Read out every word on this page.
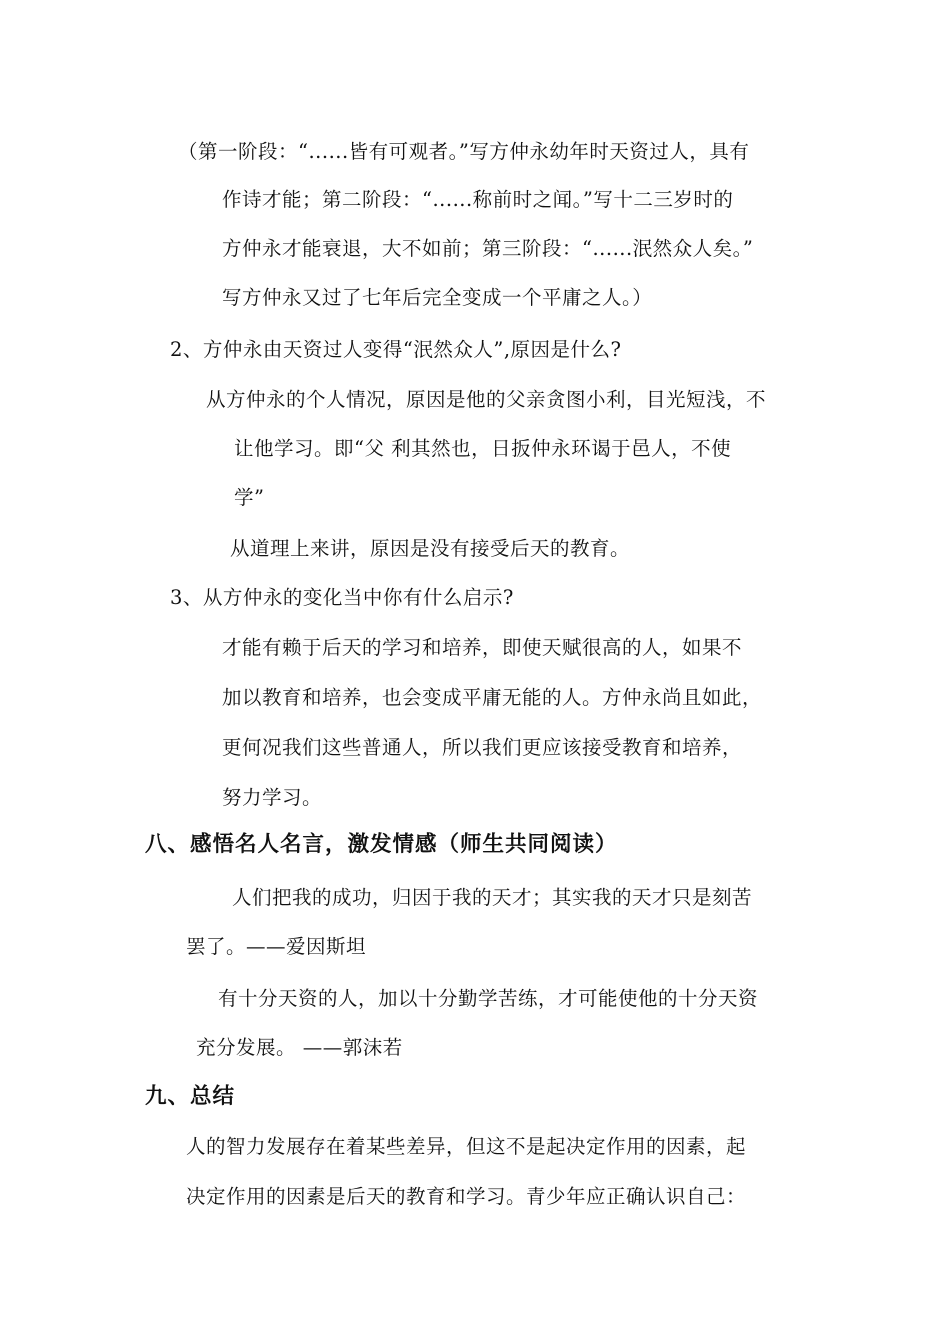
（第一阶段：“......皆有可观者。”写方仲永幼年时天资过人，具有
作诗才能；第二阶段：“......称前时之闻。”写十二三岁时的
方仲永才能衰退，大不如前；第三阶段：“......泯然众人矣。”
写方仲永又过了七年后完全变成一个平庸之人。）
2、方仲永由天资过人变得“泯然众人”,原因是什么?
从方仲永的个人情况，原因是他的父亲贪图小利，目光短浅，不
让他学习。即“父 利其然也，日扳仲永环谒于邑人，不使
学”
从道理上来讲，原因是没有接受后天的教育。
3、从方仲永的变化当中你有什么启示?
才能有赖于后天的学习和培养，即使天赋很高的人，如果不
加以教育和培养，也会变成平庸无能的人。方仲永尚且如此，
更何况我们这些普通人，所以我们更应该接受教育和培养，
努力学习。
八、感悟名人名言，激发情感（师生共同阅读）
人们把我的成功，归因于我的天才；其实我的天才只是刻苦
罢了。——爱因斯坦
有十分天资的人，加以十分勤学苦练，才可能使他的十分天资
充分发展。 ——郭沫若
九、总结
人的智力发展存在着某些差异，但这不是起决定作用的因素，起
决定作用的因素是后天的教育和学习。青少年应正确认识自己：
